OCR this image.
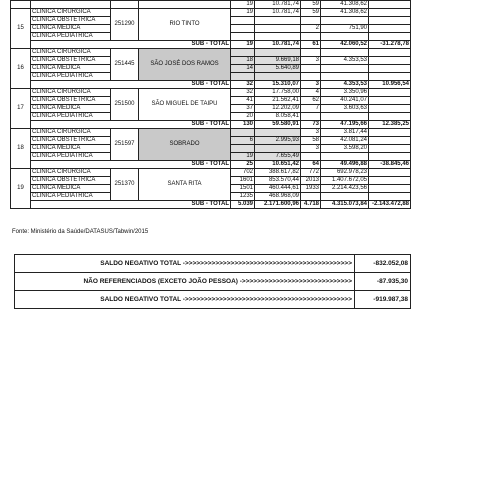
				19	10.781,74	59	41.308,62	
15	CLINICA CIRURGICA	251290	RIO TINTO	19	10.781,74	59	41.308,62	
	CLINICA OBSTETRICA							
	CLINICA MÉDICA					2	751,90	
	CLINICA PEDIATRICA							
	SUB - TOTAL			19	10.781,74	61	42.060,52	-31.278,78
16	CLINICA CIRURGICA	251445	SÃO JOSÉ DOS RAMOS					
	CLINICA OBSTETRICA			18	9.669,18	3	4.353,53	
	CLINICA MÉDICA			14	5.640,89			
	CLINICA PEDIATRICA							
	SUB - TOTAL			32	15.310,07	3	4.353,53	10.956,54
17	CLINICA CIRURGICA	251500	SÃO MIGUEL DE TAIPU	32	17.758,00	4	3.350,96	
	CLINICA OBSTETRICA			41	21.562,41	62	40.241,07	
	CLINICA MÉDICA			37	12.202,09	7	3.603,63	
	CLINICA PEDIATRICA			20	8.058,41			
	SUB - TOTAL			130	59.580,91	73	47.195,66	12.385,25
18	CLINICA CIRURGICA	251597	SOBRADO			3	3.817,44	
	CLINICA OBSTETRICA			6	2.995,93	58	42.081,24	
	CLINICA MÉDICA					3	3.598,20	
	CLINICA PEDIATRICA			19	7.655,49			
	SUB - TOTAL			25	10.651,42	64	49.496,88	-38.845,46
19	CLINICA CIRURGICA	251370	SANTA RITA	702	388.617,82	772	692.978,23	
	CLINICA OBSTETRICA			1601	853.570,44	2013	1.407.672,05	
	CLINICA MÉDICA			1501	460.444,61	1933	2.214.423,56	
	CLINICA PEDIATRICA			1235	468.968,09			
	SUB - TOTAL			5.039	2.171.600,96	4.718	4.315.073,84	-2.143.472,88
Fonte: Ministério da Saúde/DATASUS/Tabwin/2015
SALDO NEGATIVO TOTAL ->>>>>>>>>>>>>>>>>>>>>>>>>>>>>>>>>>>>>>>>>>>>	-832.052,08
NÃO REFERENCIADOS (EXCETO JOÃO PESSOA) ->>>>>>>>>>>>>>>>>>>>>>>>>>>>>	-87.935,30
SALDO NEGATIVO TOTAL ->>>>>>>>>>>>>>>>>>>>>>>>>>>>>>>>>>>>>>>>>>>>	-919.987,38
